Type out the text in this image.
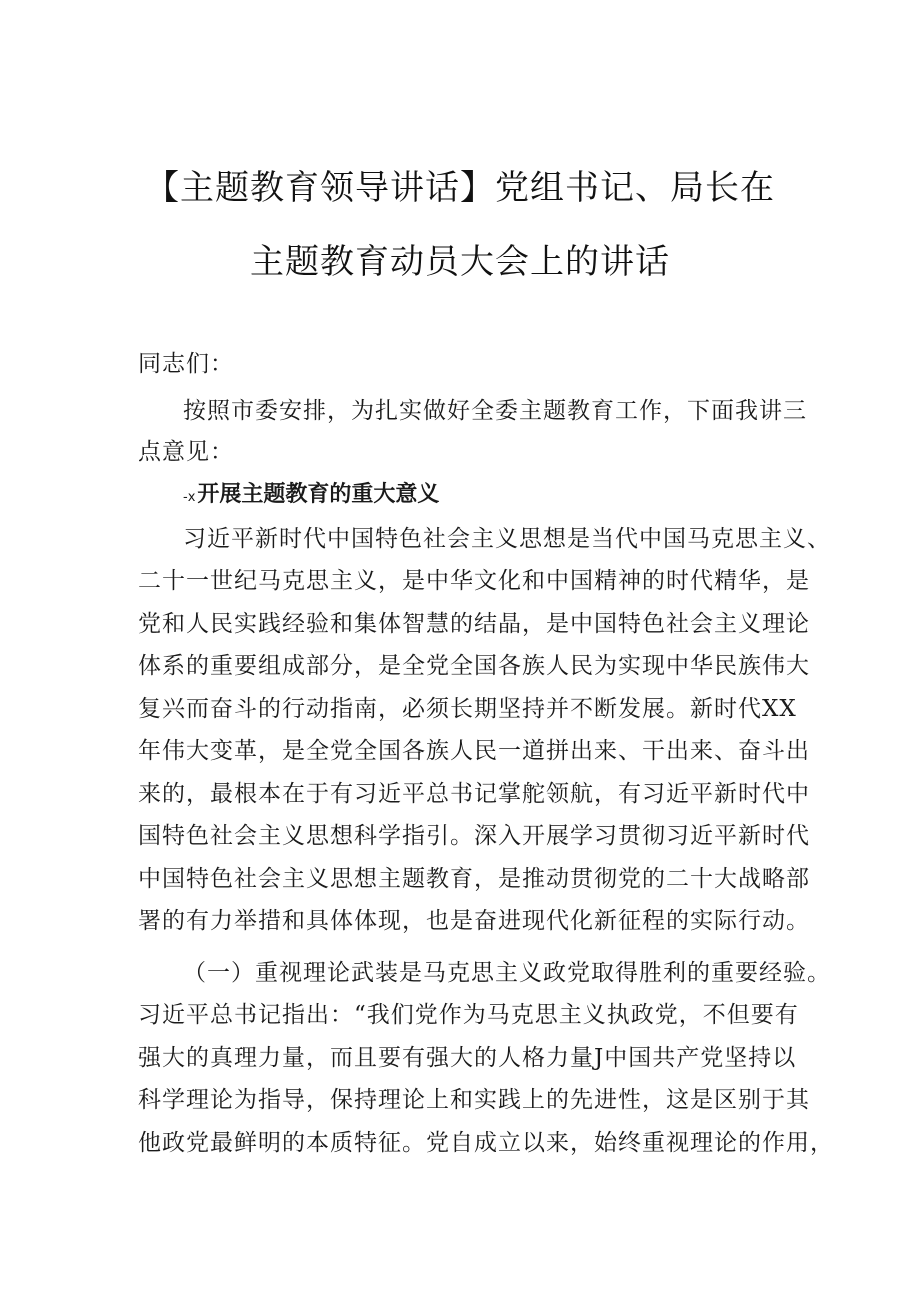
【主题教育领导讲话】党组书记、局长在
主题教育动员大会上的讲话
同志们：
按照市委安排，为扎实做好全委主题教育工作，下面我讲三
点意见：
-x开展主题教育的重大意义
习近平新时代中国特色社会主义思想是当代中国马克思主义、
二十一世纪马克思主义，是中华文化和中国精神的时代精华，是
党和人民实践经验和集体智慧的结晶，是中国特色社会主义理论
体系的重要组成部分，是全党全国各族人民为实现中华民族伟大
复兴而奋斗的行动指南，必须长期坚持并不断发展。新时代XX
年伟大变革，是全党全国各族人民一道拼出来、干出来、奋斗出
来的，最根本在于有习近平总书记掌舵领航，有习近平新时代中
国特色社会主义思想科学指引。深入开展学习贯彻习近平新时代
中国特色社会主义思想主题教育，是推动贯彻党的二十大战略部
署的有力举措和具体体现，也是奋进现代化新征程的实际行动。
（一）重视理论武装是马克思主义政党取得胜利的重要经验。
习近平总书记指出：“我们党作为马克思主义执政党，不但要有
强大的真理力量，而且要有强大的人格力量J中国共产党坚持以
科学理论为指导，保持理论上和实践上的先进性，这是区别于其
他政党最鲜明的本质特征。党自成立以来，始终重视理论的作用，
